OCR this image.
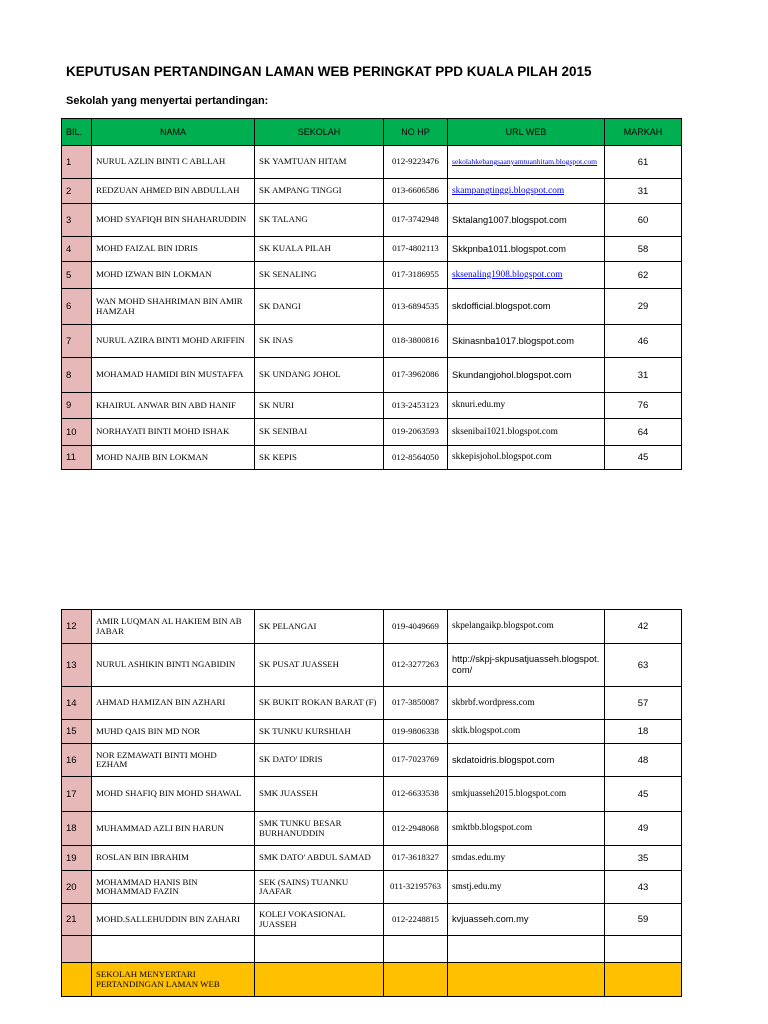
KEPUTUSAN PERTANDINGAN LAMAN WEB PERINGKAT PPD KUALA PILAH 2015
Sekolah yang menyertai pertandingan:
BIL.	NAMA	SEKOLAH	NO HP	URL WEB	MARKAH
1	NURUL AZLIN BINTI C ABLLAH	SK YAMTUAN HITAM	012-9223476	sekolahkebangsaanyamtuanhitam.blogspot.com	61
2	REDZUAN AHMED BIN ABDULLAH	SK AMPANG TINGGI	013-6606586	skampangtinggi.blogspot.com	31
3	MOHD SYAFIQH BIN SHAHARUDDIN	SK TALANG	017-3742948	Sktalang1007.blogspot.com	60
4	MOHD FAIZAL BIN IDRIS	SK KUALA PILAH	017-4802113	Skkpnba1011.blogspot.com	58
5	MOHD IZWAN BIN LOKMAN	SK SENALING	017-3186955	sksenaling1908.blogspot.com	62
6	WAN MOHD SHAHRIMAN BIN AMIR HAMZAH	SK DANGI	013-6894535	skdofficial.blogspot.com	29
7	NURUL AZIRA BINTI MOHD ARIFFIN	SK INAS	018-3800816	Skinasnba1017.blogspot.com	46
8	MOHAMAD HAMIDI BIN MUSTAFFA	SK UNDANG JOHOL	017-3962086	Skundangjohol.blogspot.com	31
9	KHAIRUL ANWAR BIN ABD HANIF	SK NURI	013-2453123	sknuri.edu.my	76
10	NORHAYATI BINTI MOHD ISHAK	SK SENIBAI	019-2063593	sksenibai1021.blogspot.com	64
11	MOHD NAJIB BIN LOKMAN	SK KEPIS	012-8564050	skkepisjohol.blogspot.com	45
12	AMIR LUQMAN AL HAKIEM BIN AB JABAR	SK PELANGAI	019-4049669	skpelangaikp.blogspot.com	42
13	NURUL ASHIKIN BINTI NGABIDIN	SK PUSAT JUASSEH	012-3277263	http://skpj-skpusatjuasseh.blogspot.com/	63
14	AHMAD HAMIZAN BIN AZHARI	SK BUKIT ROKAN BARAT (F)	017-3850087	skbrbf.wordpress.com	57
15	MUHD QAIS BIN MD NOR	SK TUNKU KURSHIAH	019-9806338	sktk.blogspot.com	18
16	NOR EZMAWATI BINTI MOHD EZHAM	SK DATO' IDRIS	017-7023769	skdatoidris.blogspot.com	48
17	MOHD SHAFIQ BIN MOHD SHAWAL	SMK JUASSEH	012-6633538	smkjuasseh2015.blogspot.com	45
18	MUHAMMAD AZLI BIN HARUN	SMK TUNKU BESAR BURHANUDDIN	012-2948068	smktbb.blogspot.com	49
19	ROSLAN BIN IBRAHIM	SMK DATO' ABDUL SAMAD	017-3618327	smdas.edu.my	35
20	MOHAMMAD HANIS BIN MOHAMMAD FAZIN	SEK (SAINS) TUANKU JAAFAR	011-32195763	smstj.edu.my	43
21	MOHD.SALLEHUDDIN BIN ZAHARI	KOLEJ VOKASIONAL JUASSEH	012-2248815	kvjuasseh.com.my	59

	SEKOLAH MENYERTARI PERTANDINGAN LAMAN WEB				
